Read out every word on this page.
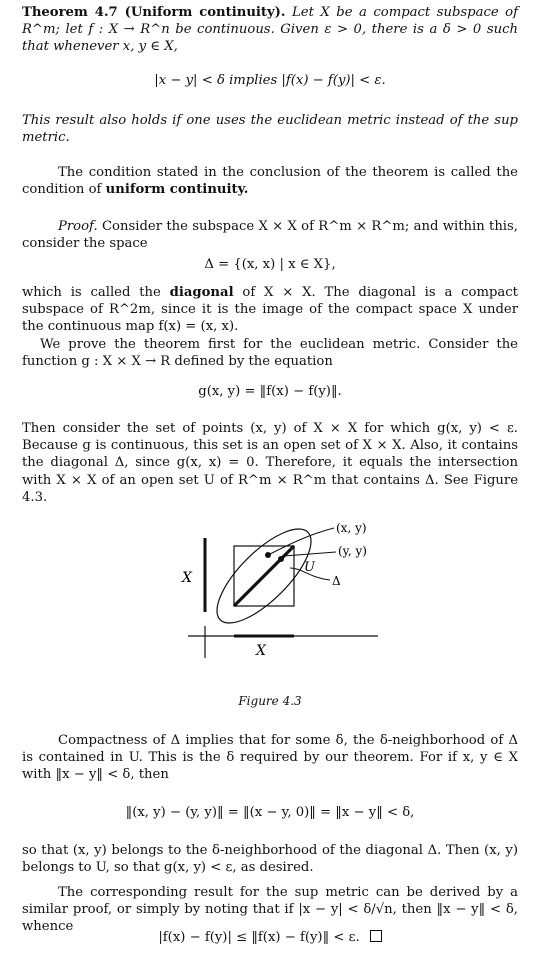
Theorem 4.7 (Uniform continuity). Let X be a compact subspace of R^m; let f : X → R^n be continuous. Given ε > 0, there is a δ > 0 such that whenever x, y ∈ X,

|x − y| < δ implies |f(x) − f(y)| < ε.

This result also holds if one uses the euclidean metric instead of the sup metric.

The condition stated in the conclusion of the theorem is called the condition of uniform continuity.

Proof. Consider the subspace X × X of R^m × R^m; and within this, consider the space

Δ = {(x, x) | x ∈ X},

which is called the diagonal of X × X. The diagonal is a compact subspace of R^2m, since it is the image of the compact space X under the continuous map f(x) = (x, x).

We prove the theorem first for the euclidean metric. Consider the function g : X × X → R defined by the equation

g(x, y) = ‖f(x) − f(y)‖.

Then consider the set of points (x, y) of X × X for which g(x, y) < ε. Because g is continuous, this set is an open set of X × X. Also, it contains the diagonal Δ, since g(x, x) = 0. Therefore, it equals the intersection with X × X of an open set U of R^m × R^m that contains Δ. See Figure 4.3.

(x, y)
(y, y)
U
Δ
X
X

Figure 4.3

Compactness of Δ implies that for some δ, the δ-neighborhood of Δ is contained in U. This is the δ required by our theorem. For if x, y ∈ X with ‖x − y‖ < δ, then

‖(x, y) − (y, y)‖ = ‖(x − y, 0)‖ = ‖x − y‖ < δ,

so that (x, y) belongs to the δ-neighborhood of the diagonal Δ. Then (x, y) belongs to U, so that g(x, y) < ε, as desired.

The corresponding result for the sup metric can be derived by a similar proof, or simply by noting that if |x − y| < δ/√n, then ‖x − y‖ < δ, whence

|f(x) − f(y)| ≤ ‖f(x) − f(y)‖ < ε.
